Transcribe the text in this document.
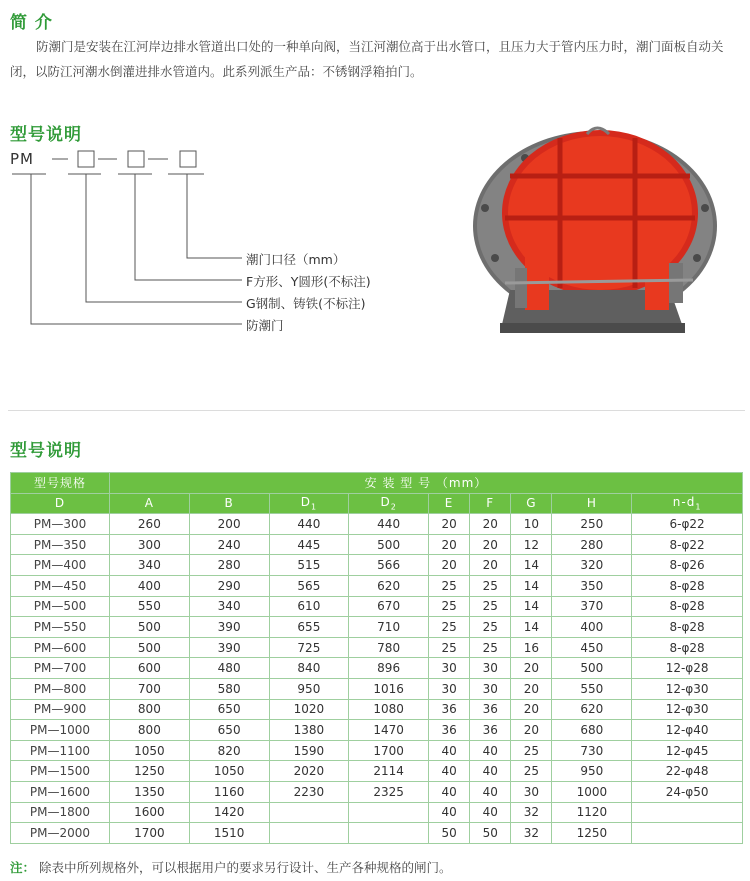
简 介
防潮门是安装在江河岸边排水管道出口处的一种单向阀，当江河潮位高于出水管口，且压力大于管内压力时，潮门面板自动关闭，以防江河潮水倒灌进排水管道内。此系列派生产品：不锈钢浮箱拍门。
型号说明
PM
潮门口径（mm）
F方形、Y圆形(不标注)
G钢制、铸铁(不标注)
防潮门
型号说明
型号规格	安 装 型 号 （mm）								
D	A	B	$D_1$	$D_2$	E	F	G	H	$n-d_1$
PM—300	260	200	440	440	20	20	10	250	6-φ22
PM—350	300	240	445	500	20	20	12	280	8-φ22
PM—400	340	280	515	566	20	20	14	320	8-φ26
PM—450	400	290	565	620	25	25	14	350	8-φ28
PM—500	550	340	610	670	25	25	14	370	8-φ28
PM—550	500	390	655	710	25	25	14	400	8-φ28
PM—600	500	390	725	780	25	25	16	450	8-φ28
PM—700	600	480	840	896	30	30	20	500	12-φ28
PM—800	700	580	950	1016	30	30	20	550	12-φ30
PM—900	800	650	1020	1080	36	36	20	620	12-φ30
PM—1000	800	650	1380	1470	36	36	20	680	12-φ40
PM—1100	1050	820	1590	1700	40	40	25	730	12-φ45
PM—1500	1250	1050	2020	2114	40	40	25	950	22-φ48
PM—1600	1350	1160	2230	2325	40	40	30	1000	24-φ50
PM—1800	1600	1420			40	40	32	1120	
PM—2000	1700	1510			50	50	32	1250	
注： 除表中所列规格外，可以根据用户的要求另行设计、生产各种规格的闸门。
